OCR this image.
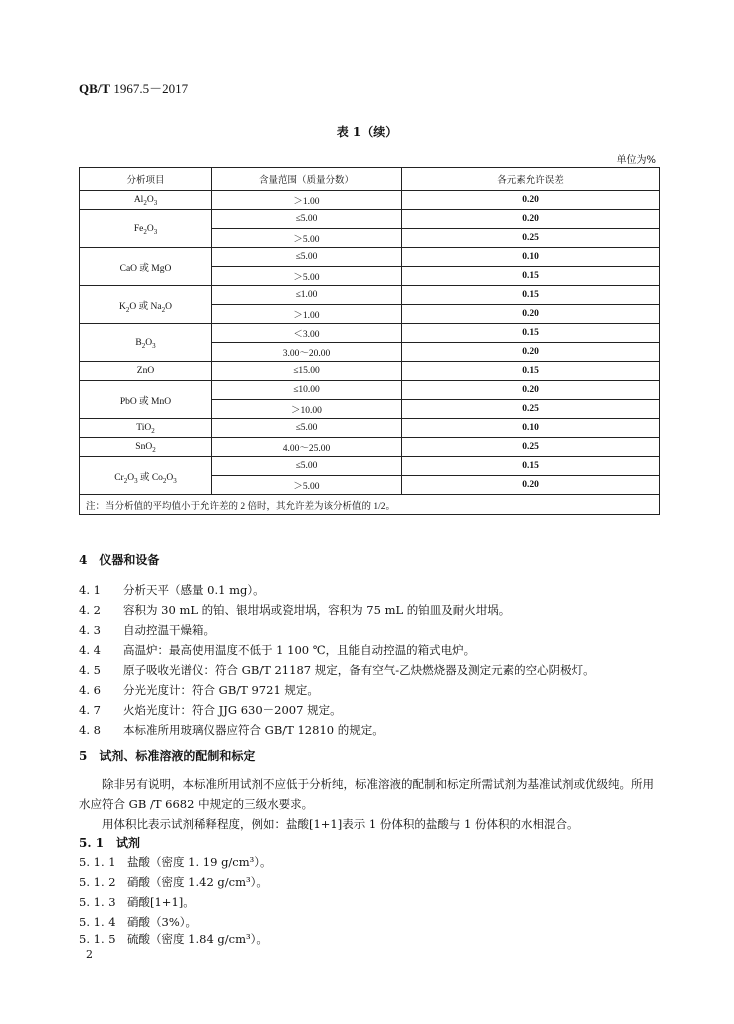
QB/T 1967.5－2017
表 1（续）
单位为%
分析项目	含量范围（质量分数）	各元素允许误差
$Al_2O_3$	＞1.00	0.20
$Fe_2O_3$	≤5.00	0.20
	＞5.00	0.25
CaO 或 MgO	≤5.00	0.10
	＞5.00	0.15
$K_2O$ 或 $Na_2O$	≤1.00	0.15
	＞1.00	0.20
$B_2O_3$	＜3.00	0.15
	3.00～20.00	0.20
ZnO	≤15.00	0.15
PbO 或 MnO	≤10.00	0.20
	＞10.00	0.25
TiO$_2$	≤5.00	0.10
SnO$_2$	4.00～25.00	0.25
$Cr_2O_3$ 或 $Co_2O_3$	≤5.00	0.15
	＞5.00	0.20
注：当分析值的平均值小于允许差的 2 倍时，其允许差为该分析值的 1/2。		
4　仪器和设备
4. 1 分析天平（感量 0.1 mg）。
4. 2 容积为 30 mL 的铂、银坩埚或瓷坩埚，容积为 75 mL 的铂皿及耐火坩埚。
4. 3 自动控温干燥箱。
4. 4 高温炉：最高使用温度不低于 1 100 ℃，且能自动控温的箱式电炉。
4. 5 原子吸收光谱仪：符合 GB/T 21187 规定，备有空气-乙炔燃烧器及测定元素的空心阴极灯。
4. 6 分光光度计：符合 GB/T 9721 规定。
4. 7 火焰光度计：符合 JJG 630－2007 规定。
4. 8 本标准所用玻璃仪器应符合 GB/T 12810 的规定。
5　试剂、标准溶液的配制和标定
除非另有说明，本标准所用试剂不应低于分析纯，标准溶液的配制和标定所需试剂为基准试剂或优级纯。所用水应符合 GB /T 6682 中规定的三级水要求。
用体积比表示试剂稀释程度，例如：盐酸[1+1]表示 1 份体积的盐酸与 1 份体积的水相混合。
5. 1　试剂
5. 1. 1 盐酸（密度 1. 19 g/cm³）。
5. 1. 2 硝酸（密度 1.42 g/cm³）。
5. 1. 3 硝酸[1+1]。
5. 1. 4 硝酸（3%）。
5. 1. 5 硫酸（密度 1.84 g/cm³）。
2
